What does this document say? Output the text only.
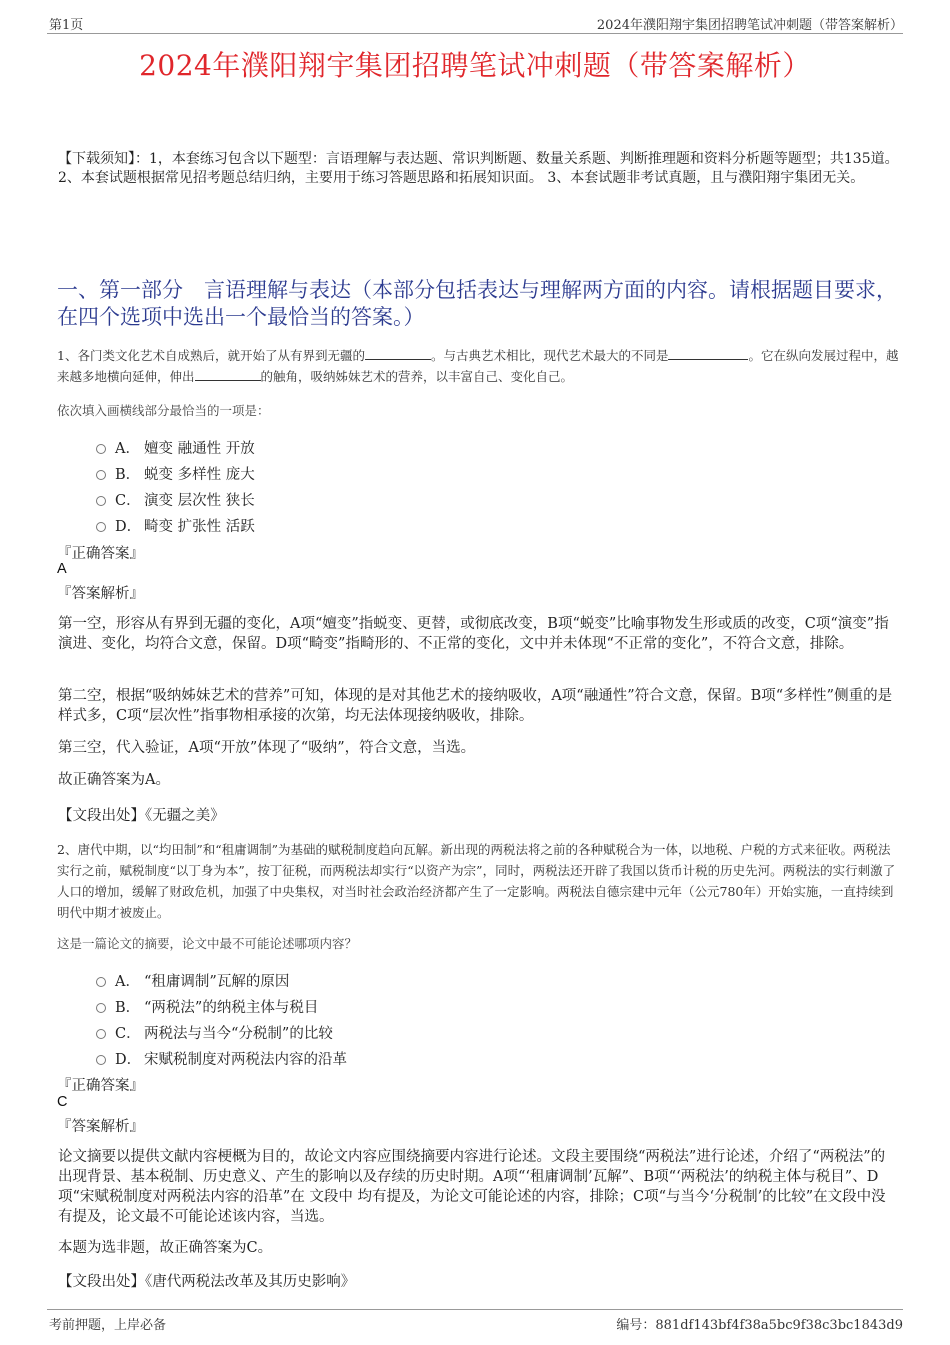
第1页	2024年濮阳翔宇集团招聘笔试冲刺题（带答案解析）
2024年濮阳翔宇集团招聘笔试冲刺题（带答案解析）
【下载须知】：1，本套练习包含以下题型：言语理解与表达题、常识判断题、数量关系题、判断推理题和资料分析题等题型；共135道。 2、本套试题根据常见招考题总结归纳，主要用于练习答题思路和拓展知识面。 3、本套试题非考试真题，且与濮阳翔宇集团无关。
一、第一部分　言语理解与表达（本部分包括表达与理解两方面的内容。请根据题目要求，在四个选项中选出一个最恰当的答案。）
1、各门类文化艺术自成熟后，就开始了从有界到无疆的	。与古典艺术相比，现代艺术最大的不同是	。它在纵向发展过程中，越来越多地横向延伸，伸出	的触角，吸纳姊妹艺术的营养，以丰富自己、变化自己。
依次填入画横线部分最恰当的一项是：
A． 嬗变 融通性 开放
B． 蜕变 多样性 庞大
C． 演变 层次性 狭长
D． 畸变 扩张性 活跃
『正确答案』
A
『答案解析』
第一空，形容从有界到无疆的变化，A项“嬗变”指蜕变、更替，或彻底改变，B项“蜕变”比喻事物发生形或质的改变，C项“演变”指演进、变化，均符合文意，保留。D项“畸变”指畸形的、不正常的变化，文中并未体现“不正常的变化”，不符合文意，排除。
第二空，根据“吸纳姊妹艺术的营养”可知，体现的是对其他艺术的接纳吸收，A项“融通性”符合文意，保留。B项“多样性”侧重的是样式多，C项“层次性”指事物相承接的次第，均无法体现接纳吸收，排除。
第三空，代入验证，A项“开放”体现了“吸纳”，符合文意，当选。
故正确答案为A。
【文段出处】《无疆之美》
2、唐代中期，以“均田制”和“租庸调制”为基础的赋税制度趋向瓦解。新出现的两税法将之前的各种赋税合为一体，以地税、户税的方式来征收。两税法实行之前，赋税制度“以丁身为本”，按丁征税，而两税法却实行“以资产为宗”，同时，两税法还开辟了我国以货币计税的历史先河。两税法的实行刺激了人口的增加，缓解了财政危机，加强了中央集权，对当时社会政治经济都产生了一定影响。两税法自德宗建中元年（公元780年）开始实施，一直持续到明代中期才被废止。
这是一篇论文的摘要，论文中最不可能论述哪项内容？
A． “租庸调制”瓦解的原因
B． “两税法”的纳税主体与税目
C． 两税法与当今“分税制”的比较
D． 宋赋税制度对两税法内容的沿革
『正确答案』
C
『答案解析』
论文摘要以提供文献内容梗概为目的，故论文内容应围绕摘要内容进行论述。文段主要围绕“两税法”进行论述，介绍了“两税法”的出现背景、基本税制、历史意义、产生的影响以及存续的历史时期。A项“‘租庸调制’瓦解”、B项“‘两税法’的纳税主体与税目”、D项“宋赋税制度对两税法内容的沿革”在 文段中 均有提及，为论文可能论述的内容，排除；C项“与当今‘分税制’的比较”在文段中没有提及，论文最不可能论述该内容，当选。
本题为选非题，故正确答案为C。
【文段出处】《唐代两税法改革及其历史影响》
考前押题，上岸必备	编号：881df143bf4f38a5bc9f38c3bc1843d9
